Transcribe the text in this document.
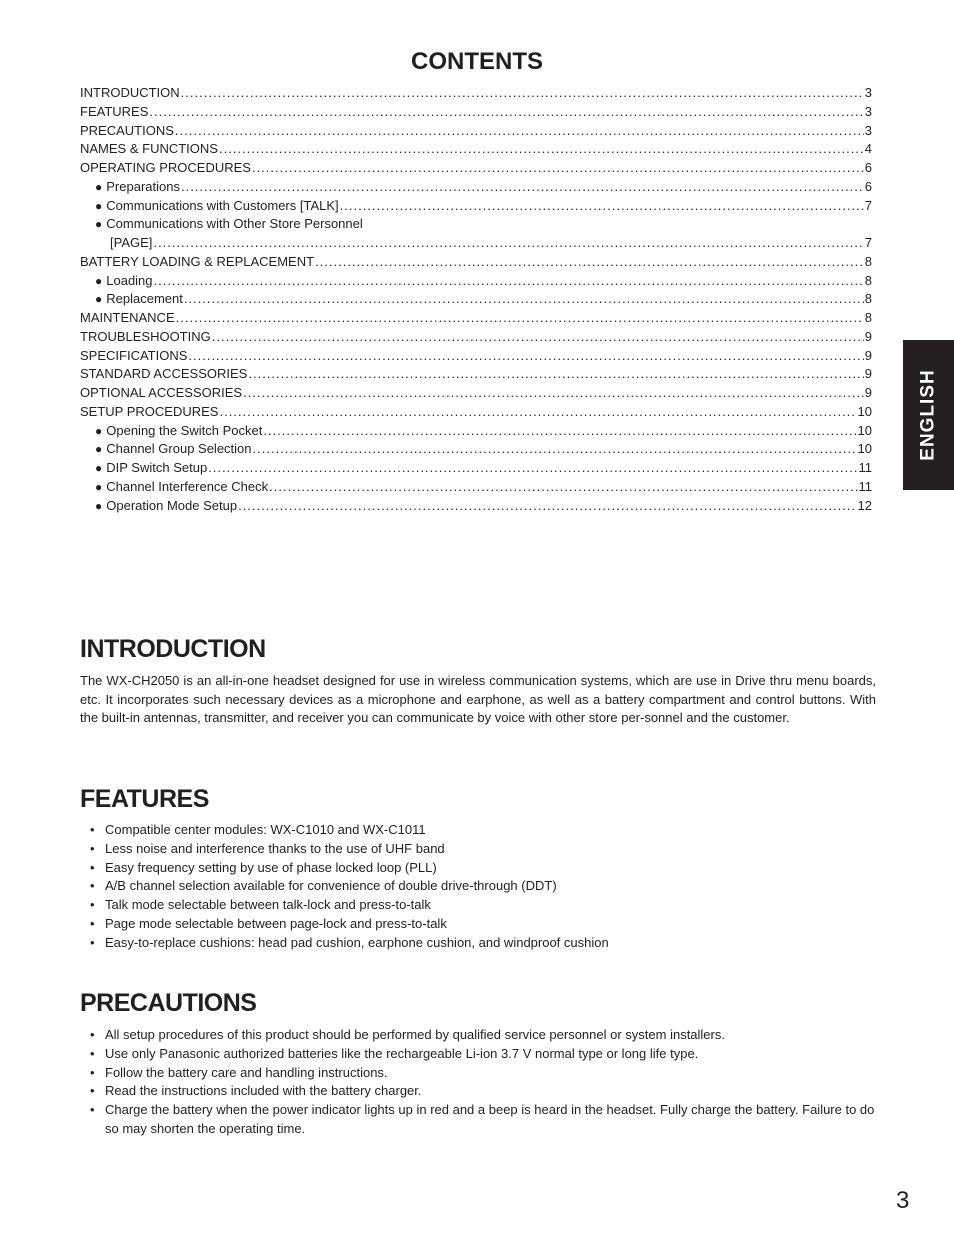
CONTENTS
INTRODUCTION .....	3
FEATURES .....	3
PRECAUTIONS .....	3
NAMES & FUNCTIONS .....	4
OPERATING PROCEDURES .....	6
● Preparations .....	6
● Communications with Customers [TALK] .....	7
● Communications with Other Store Personnel
[PAGE] .....	7
BATTERY LOADING & REPLACEMENT .....	8
● Loading .....	8
● Replacement .....	8
MAINTENANCE .....	8
TROUBLESHOOTING .....	9
SPECIFICATIONS .....	9
STANDARD ACCESSORIES .....	9
OPTIONAL ACCESSORIES .....	9
SETUP PROCEDURES .....	10
● Opening the Switch Pocket .....	10
● Channel Group Selection .....	10
● DIP Switch Setup .....	11
● Channel Interference Check .....	11
● Operation Mode Setup .....	12
INTRODUCTION
The WX-CH2050 is an all-in-one headset designed for use in wireless communication systems, which are use in Drive thru menu boards, etc. It incorporates such necessary devices as a microphone and earphone, as well as a battery compartment and control buttons. With the built-in antennas, transmitter, and receiver you can communicate by voice with other store per-sonnel and the customer.
FEATURES
• Compatible center modules: WX-C1010 and WX-C1011
• Less noise and interference thanks to the use of UHF band
• Easy frequency setting by use of phase locked loop (PLL)
• A/B channel selection available for convenience of double drive-through (DDT)
• Talk mode selectable between talk-lock and press-to-talk
• Page mode selectable between page-lock and press-to-talk
• Easy-to-replace cushions: head pad cushion, earphone cushion, and windproof cushion
PRECAUTIONS
• All setup procedures of this product should be performed by qualified service personnel or system installers.
• Use only Panasonic authorized batteries like the rechargeable Li-ion 3.7 V normal type or long life type.
• Follow the battery care and handling instructions.
• Read the instructions included with the battery charger.
• Charge the battery when the power indicator lights up in red and a beep is heard in the headset. Fully charge the battery. Failure to do so may shorten the operating time.
ENGLISH
3
